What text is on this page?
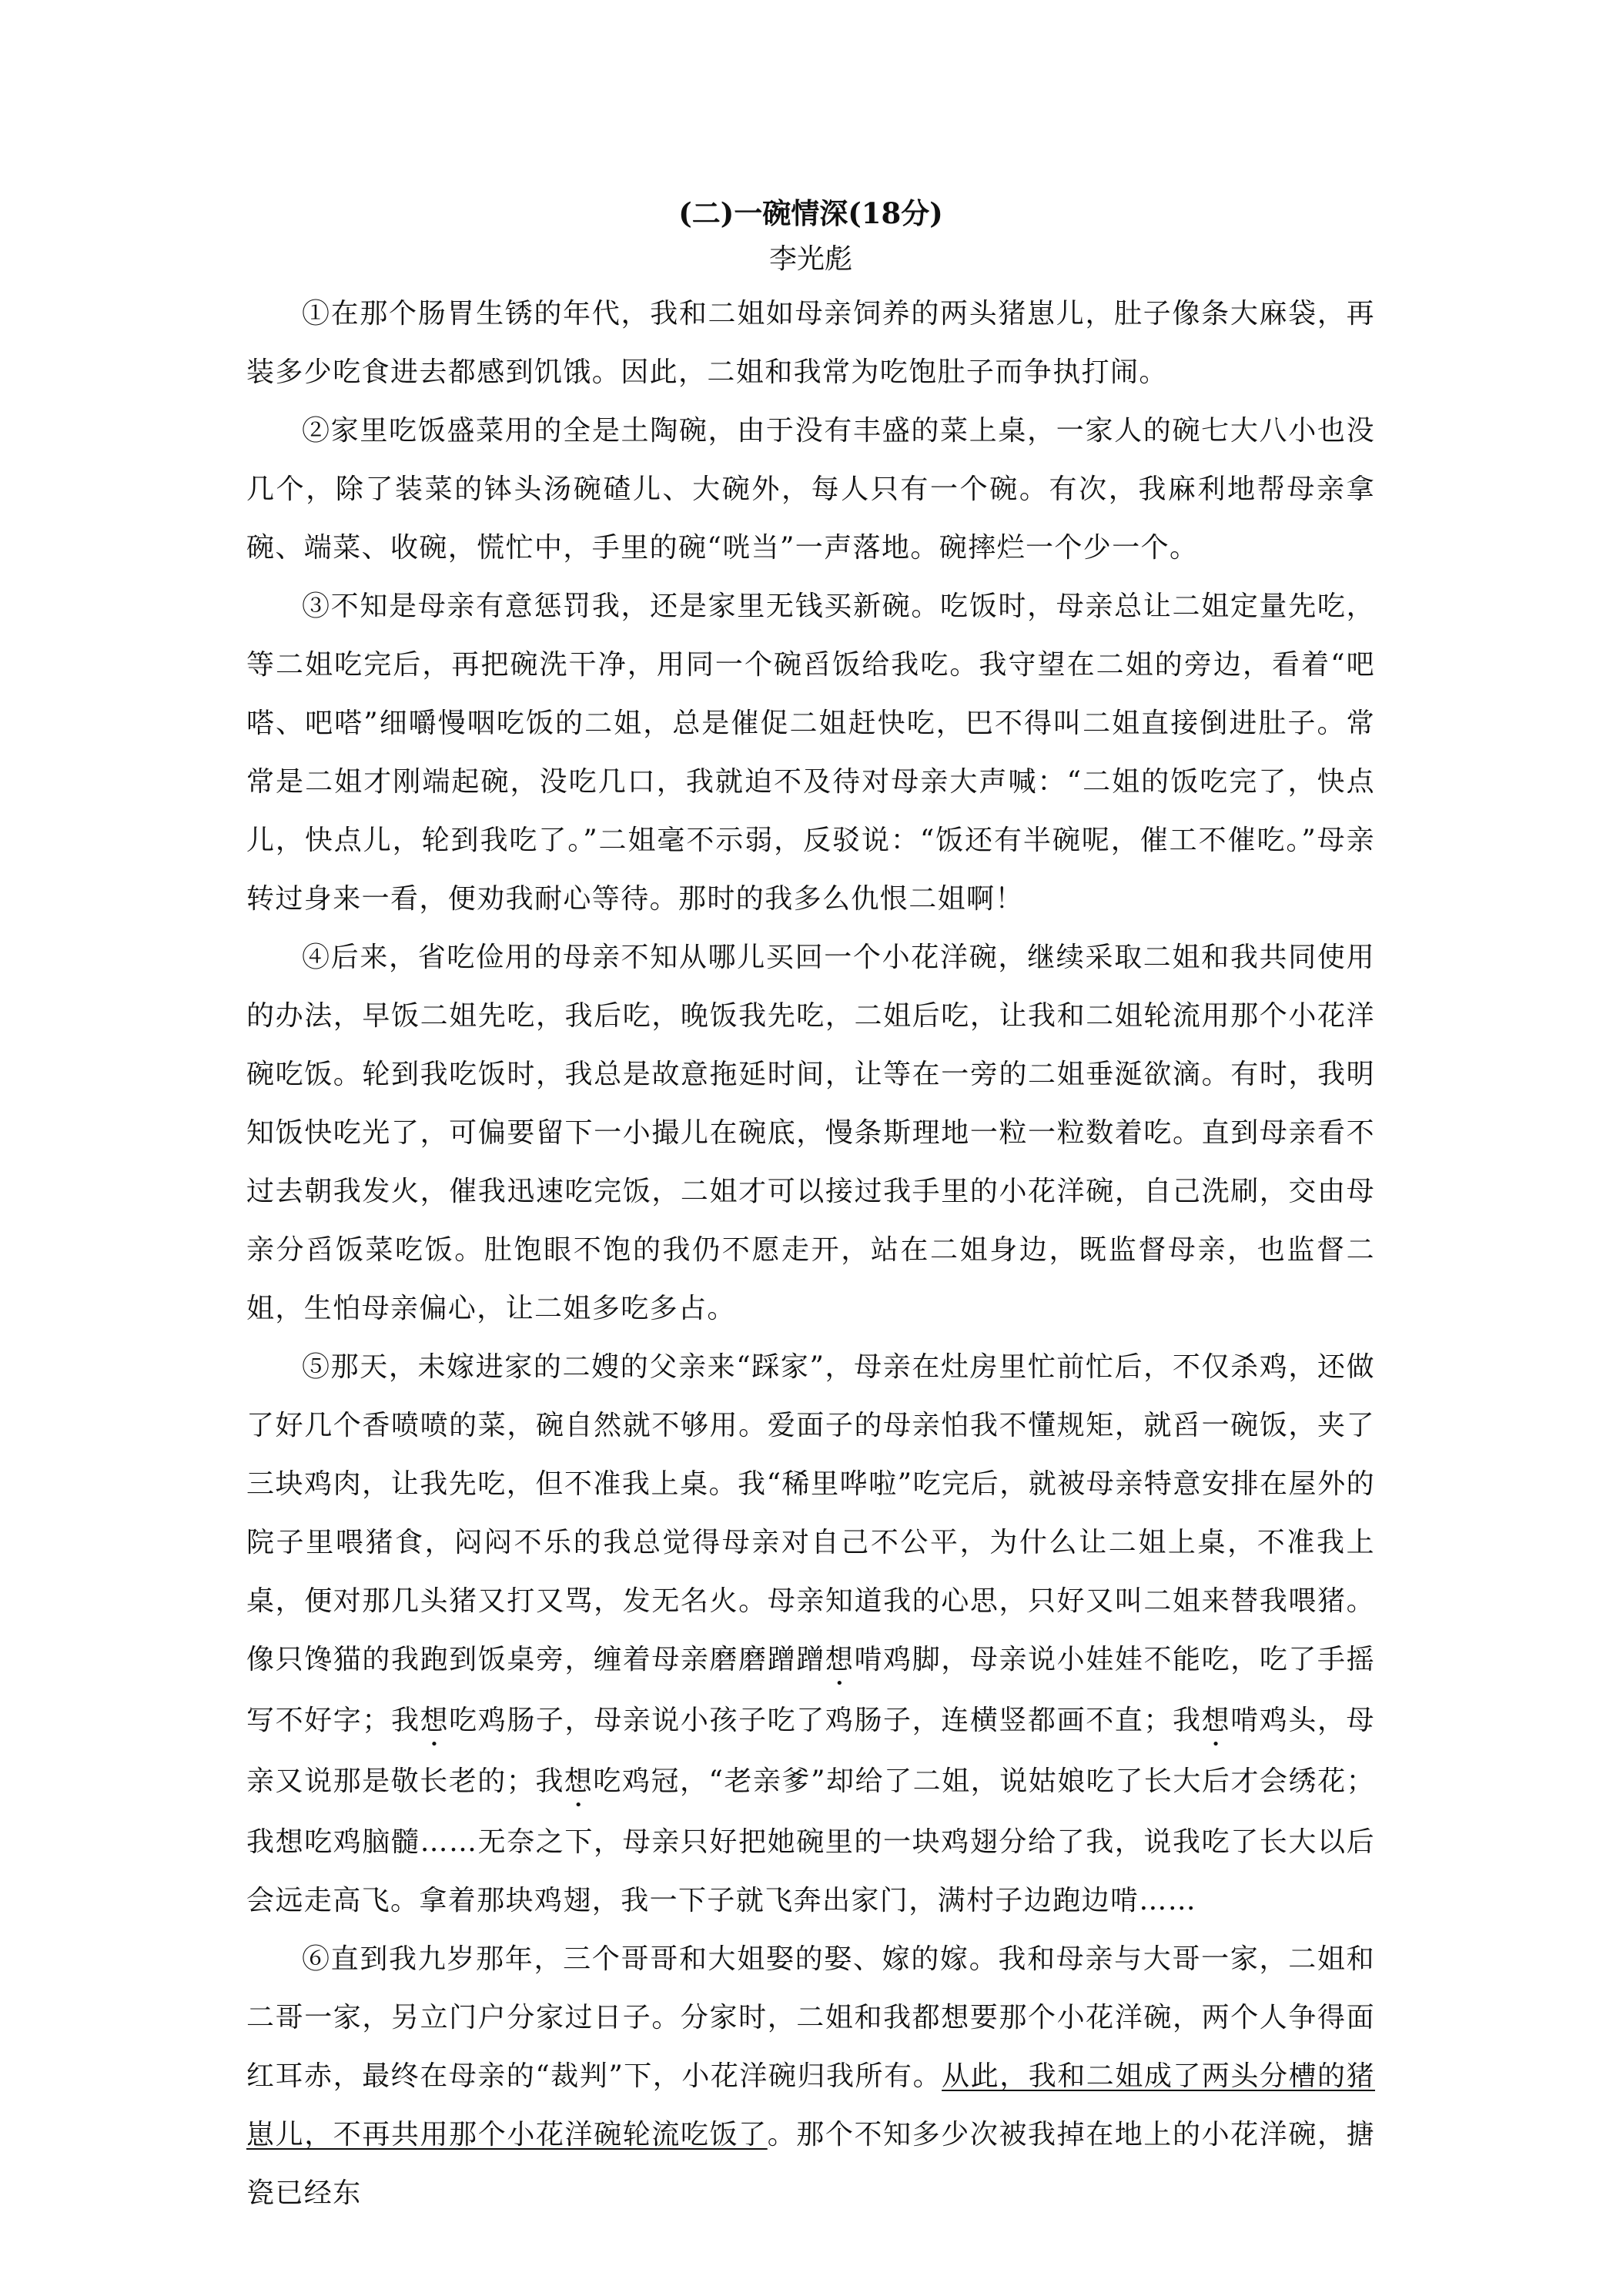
(二)一碗情深(18分)

李光彪

①在那个肠胃生锈的年代，我和二姐如母亲饲养的两头猪崽儿，肚子像条大麻袋，再装多少吃食进去都感到饥饿。因此，二姐和我常为吃饱肚子而争执打闹。

②家里吃饭盛菜用的全是土陶碗，由于没有丰盛的菜上桌，一家人的碗七大八小也没几个，除了装菜的钵头汤碗碴儿、大碗外，每人只有一个碗。有次，我麻利地帮母亲拿碗、端菜、收碗，慌忙中，手里的碗“咣当”一声落地。碗摔烂一个少一个。

③不知是母亲有意惩罚我，还是家里无钱买新碗。吃饭时，母亲总让二姐定量先吃，等二姐吃完后，再把碗洗干净，用同一个碗舀饭给我吃。我守望在二姐的旁边，看着“吧嗒、吧嗒”细嚼慢咽吃饭的二姐，总是催促二姐赶快吃，巴不得叫二姐直接倒进肚子。常常是二姐才刚端起碗，没吃几口，我就迫不及待对母亲大声喊：“二姐的饭吃完了，快点儿，快点儿，轮到我吃了。”二姐毫不示弱，反驳说：“饭还有半碗呢，催工不催吃。”母亲转过身来一看，便劝我耐心等待。那时的我多么仇恨二姐啊！

④后来，省吃俭用的母亲不知从哪儿买回一个小花洋碗，继续采取二姐和我共同使用的办法，早饭二姐先吃，我后吃，晚饭我先吃，二姐后吃，让我和二姐轮流用那个小花洋碗吃饭。轮到我吃饭时，我总是故意拖延时间，让等在一旁的二姐垂涎欲滴。有时，我明知饭快吃光了，可偏要留下一小撮儿在碗底，慢条斯理地一粒一粒数着吃。直到母亲看不过去朝我发火，催我迅速吃完饭，二姐才可以接过我手里的小花洋碗，自己洗刷，交由母亲分舀饭菜吃饭。肚饱眼不饱的我仍不愿走开，站在二姐身边，既监督母亲，也监督二姐，生怕母亲偏心，让二姐多吃多占。

⑤那天，未嫁进家的二嫂的父亲来“踩家”，母亲在灶房里忙前忙后，不仅杀鸡，还做了好几个香喷喷的菜，碗自然就不够用。爱面子的母亲怕我不懂规矩，就舀一碗饭，夹了三块鸡肉，让我先吃，但不准我上桌。我“稀里哗啦”吃完后，就被母亲特意安排在屋外的院子里喂猪食，闷闷不乐的我总觉得母亲对自己不公平，为什么让二姐上桌，不准我上桌，便对那几头猪又打又骂，发无名火。母亲知道我的心思，只好又叫二姐来替我喂猪。像只馋猫的我跑到饭桌旁，缠着母亲磨磨蹭蹭想啃鸡脚，母亲说小娃娃不能吃，吃了手摇写不好字；我想吃鸡肠子，母亲说小孩子吃了鸡肠子，连横竖都画不直；我想啃鸡头，母亲又说那是敬长老的；我想吃鸡冠，“老亲爹”却给了二姐，说姑娘吃了长大后才会绣花；我想吃鸡脑髓……无奈之下，母亲只好把她碗里的一块鸡翅分给了我，说我吃了长大以后会远走高飞。拿着那块鸡翅，我一下子就飞奔出家门，满村子边跑边啃……

⑥直到我九岁那年，三个哥哥和大姐娶的娶、嫁的嫁。我和母亲与大哥一家，二姐和二哥一家，另立门户分家过日子。分家时，二姐和我都想要那个小花洋碗，两个人争得面红耳赤，最终在母亲的“裁判”下，小花洋碗归我所有。从此，我和二姐成了两头分槽的猪崽儿，不再共用那个小花洋碗轮流吃饭了。那个不知多少次被我掉在地上的小花洋碗，搪瓷已经东
